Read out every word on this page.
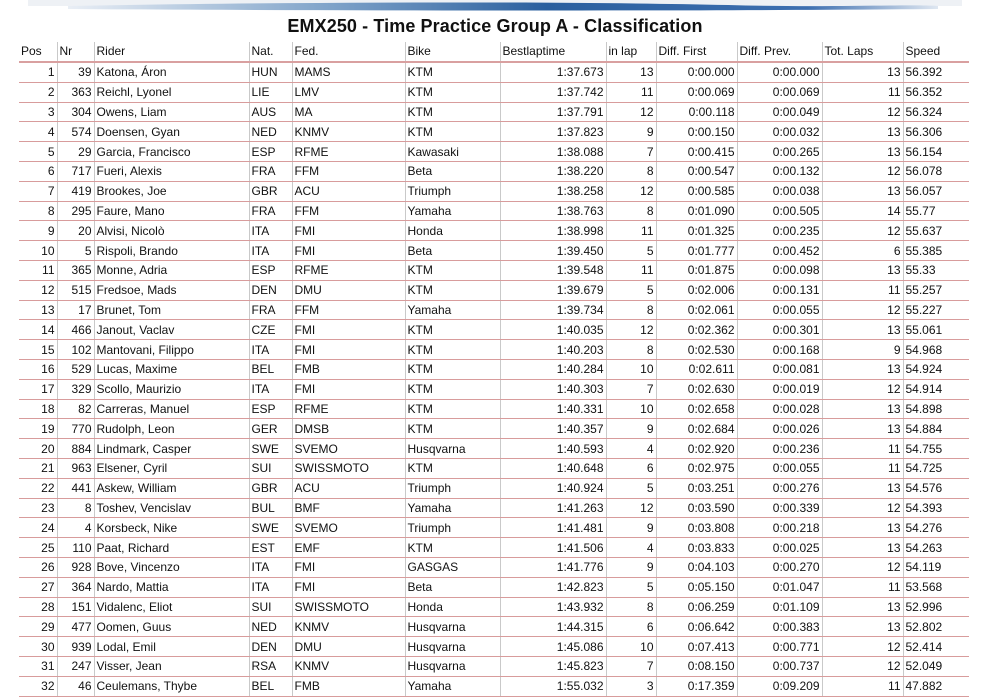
EMX250 - Time Practice Group A - Classification
Pos	Nr	Rider	Nat.	Fed.	Bike	Bestlaptime	in lap	Diff. First	Diff. Prev.	Tot. Laps	Speed
1	39	Katona, Áron	HUN	MAMS	KTM	1:37.673	13	0:00.000	0:00.000	13	56.392
2	363	Reichl, Lyonel	LIE	LMV	KTM	1:37.742	11	0:00.069	0:00.069	11	56.352
3	304	Owens, Liam	AUS	MA	KTM	1:37.791	12	0:00.118	0:00.049	12	56.324
4	574	Doensen, Gyan	NED	KNMV	KTM	1:37.823	9	0:00.150	0:00.032	13	56.306
5	29	Garcia, Francisco	ESP	RFME	Kawasaki	1:38.088	7	0:00.415	0:00.265	13	56.154
6	717	Fueri, Alexis	FRA	FFM	Beta	1:38.220	8	0:00.547	0:00.132	12	56.078
7	419	Brookes, Joe	GBR	ACU	Triumph	1:38.258	12	0:00.585	0:00.038	13	56.057
8	295	Faure, Mano	FRA	FFM	Yamaha	1:38.763	8	0:01.090	0:00.505	14	55.77
9	20	Alvisi, Nicolò	ITA	FMI	Honda	1:38.998	11	0:01.325	0:00.235	12	55.637
10	5	Rispoli, Brando	ITA	FMI	Beta	1:39.450	5	0:01.777	0:00.452	6	55.385
11	365	Monne, Adria	ESP	RFME	KTM	1:39.548	11	0:01.875	0:00.098	13	55.33
12	515	Fredsoe, Mads	DEN	DMU	KTM	1:39.679	5	0:02.006	0:00.131	11	55.257
13	17	Brunet, Tom	FRA	FFM	Yamaha	1:39.734	8	0:02.061	0:00.055	12	55.227
14	466	Janout, Vaclav	CZE	FMI	KTM	1:40.035	12	0:02.362	0:00.301	13	55.061
15	102	Mantovani, Filippo	ITA	FMI	KTM	1:40.203	8	0:02.530	0:00.168	9	54.968
16	529	Lucas, Maxime	BEL	FMB	KTM	1:40.284	10	0:02.611	0:00.081	13	54.924
17	329	Scollo, Maurizio	ITA	FMI	KTM	1:40.303	7	0:02.630	0:00.019	12	54.914
18	82	Carreras, Manuel	ESP	RFME	KTM	1:40.331	10	0:02.658	0:00.028	13	54.898
19	770	Rudolph, Leon	GER	DMSB	KTM	1:40.357	9	0:02.684	0:00.026	13	54.884
20	884	Lindmark, Casper	SWE	SVEMO	Husqvarna	1:40.593	4	0:02.920	0:00.236	11	54.755
21	963	Elsener, Cyril	SUI	SWISSMOTO	KTM	1:40.648	6	0:02.975	0:00.055	11	54.725
22	441	Askew, William	GBR	ACU	Triumph	1:40.924	5	0:03.251	0:00.276	13	54.576
23	8	Toshev, Vencislav	BUL	BMF	Yamaha	1:41.263	12	0:03.590	0:00.339	12	54.393
24	4	Korsbeck, Nike	SWE	SVEMO	Triumph	1:41.481	9	0:03.808	0:00.218	13	54.276
25	110	Paat, Richard	EST	EMF	KTM	1:41.506	4	0:03.833	0:00.025	13	54.263
26	928	Bove, Vincenzo	ITA	FMI	GASGAS	1:41.776	9	0:04.103	0:00.270	12	54.119
27	364	Nardo, Mattia	ITA	FMI	Beta	1:42.823	5	0:05.150	0:01.047	11	53.568
28	151	Vidalenc, Eliot	SUI	SWISSMOTO	Honda	1:43.932	8	0:06.259	0:01.109	13	52.996
29	477	Oomen, Guus	NED	KNMV	Husqvarna	1:44.315	6	0:06.642	0:00.383	13	52.802
30	939	Lodal, Emil	DEN	DMU	Husqvarna	1:45.086	10	0:07.413	0:00.771	12	52.414
31	247	Visser, Jean	RSA	KNMV	Husqvarna	1:45.823	7	0:08.150	0:00.737	12	52.049
32	46	Ceulemans, Thybe	BEL	FMB	Yamaha	1:55.032	3	0:17.359	0:09.209	11	47.882
